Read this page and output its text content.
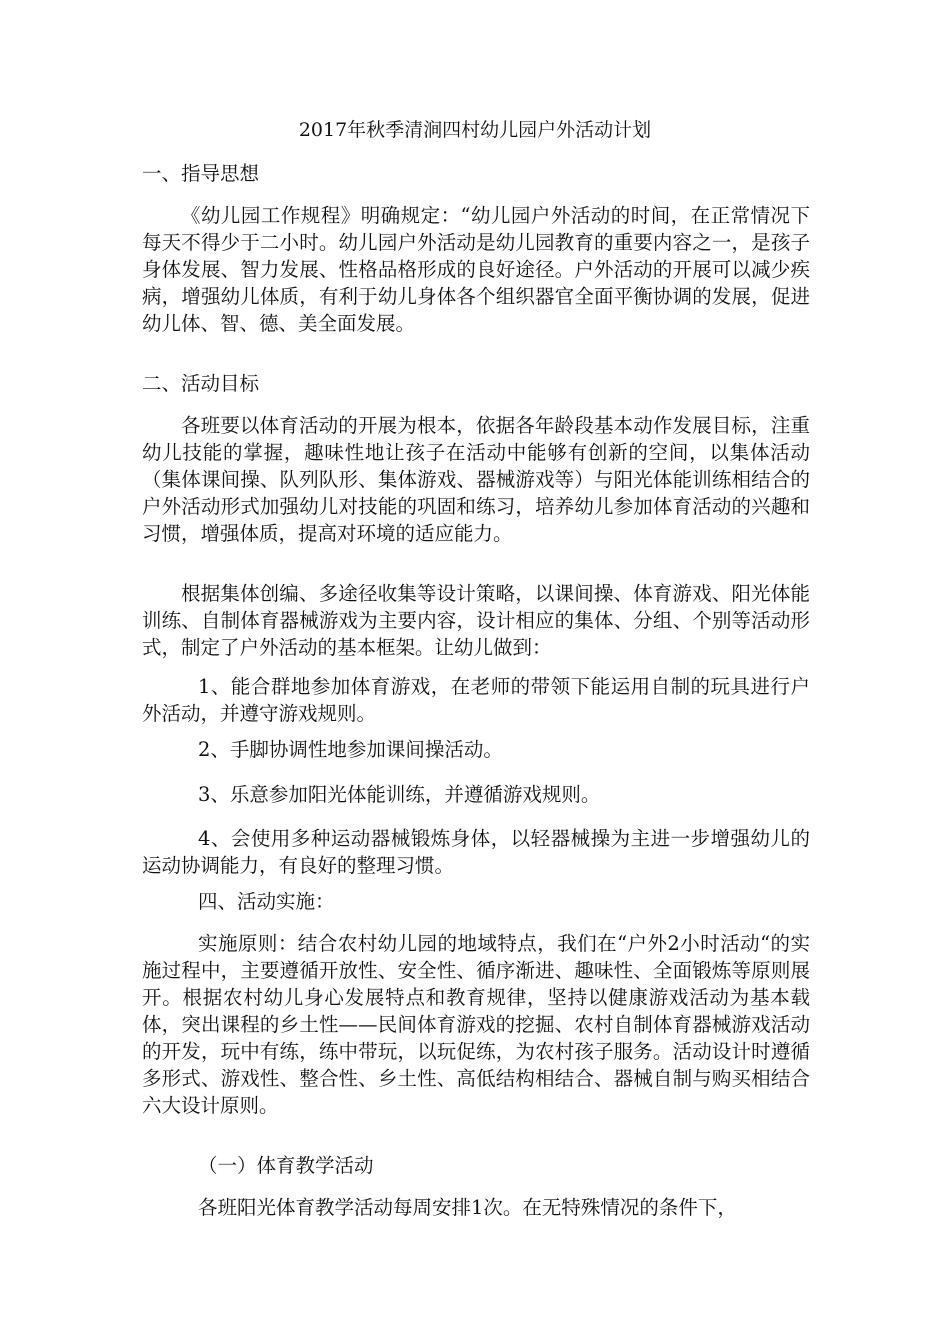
2017年秋季清涧四村幼儿园户外活动计划

一、指导思想

《幼儿园工作规程》明确规定：“幼儿园户外活动的时间，在正常情况下每天不得少于二小时。幼儿园户外活动是幼儿园教育的重要内容之一，是孩子身体发展、智力发展、性格品格形成的良好途径。户外活动的开展可以减少疾病，增强幼儿体质，有利于幼儿身体各个组织器官全面平衡协调的发展，促进幼儿体、智、德、美全面发展。

二、活动目标

各班要以体育活动的开展为根本，依据各年龄段基本动作发展目标，注重幼儿技能的掌握，趣味性地让孩子在活动中能够有创新的空间，以集体活动（集体课间操、队列队形、集体游戏、器械游戏等）与阳光体能训练相结合的户外活动形式加强幼儿对技能的巩固和练习，培养幼儿参加体育活动的兴趣和习惯，增强体质，提高对环境的适应能力。

根据集体创编、多途径收集等设计策略，以课间操、体育游戏、阳光体能训练、自制体育器械游戏为主要内容，设计相应的集体、分组、个别等活动形式，制定了户外活动的基本框架。让幼儿做到：

1、能合群地参加体育游戏，在老师的带领下能运用自制的玩具进行户外活动，并遵守游戏规则。

2、手脚协调性地参加课间操活动。

3、乐意参加阳光体能训练，并遵循游戏规则。

4、会使用多种运动器械锻炼身体，以轻器械操为主进一步增强幼儿的运动协调能力，有良好的整理习惯。

四、活动实施：

实施原则：结合农村幼儿园的地域特点，我们在“户外2小时活动“的实施过程中，主要遵循开放性、安全性、循序渐进、趣味性、全面锻炼等原则展开。根据农村幼儿身心发展特点和教育规律，坚持以健康游戏活动为基本载体，突出课程的乡土性——民间体育游戏的挖掘、农村自制体育器械游戏活动的开发，玩中有练，练中带玩，以玩促练，为农村孩子服务。活动设计时遵循多形式、游戏性、整合性、乡土性、高低结构相结合、器械自制与购买相结合六大设计原则。

（一）体育教学活动

各班阳光体育教学活动每周安排1次。在无特殊情况的条件下，
